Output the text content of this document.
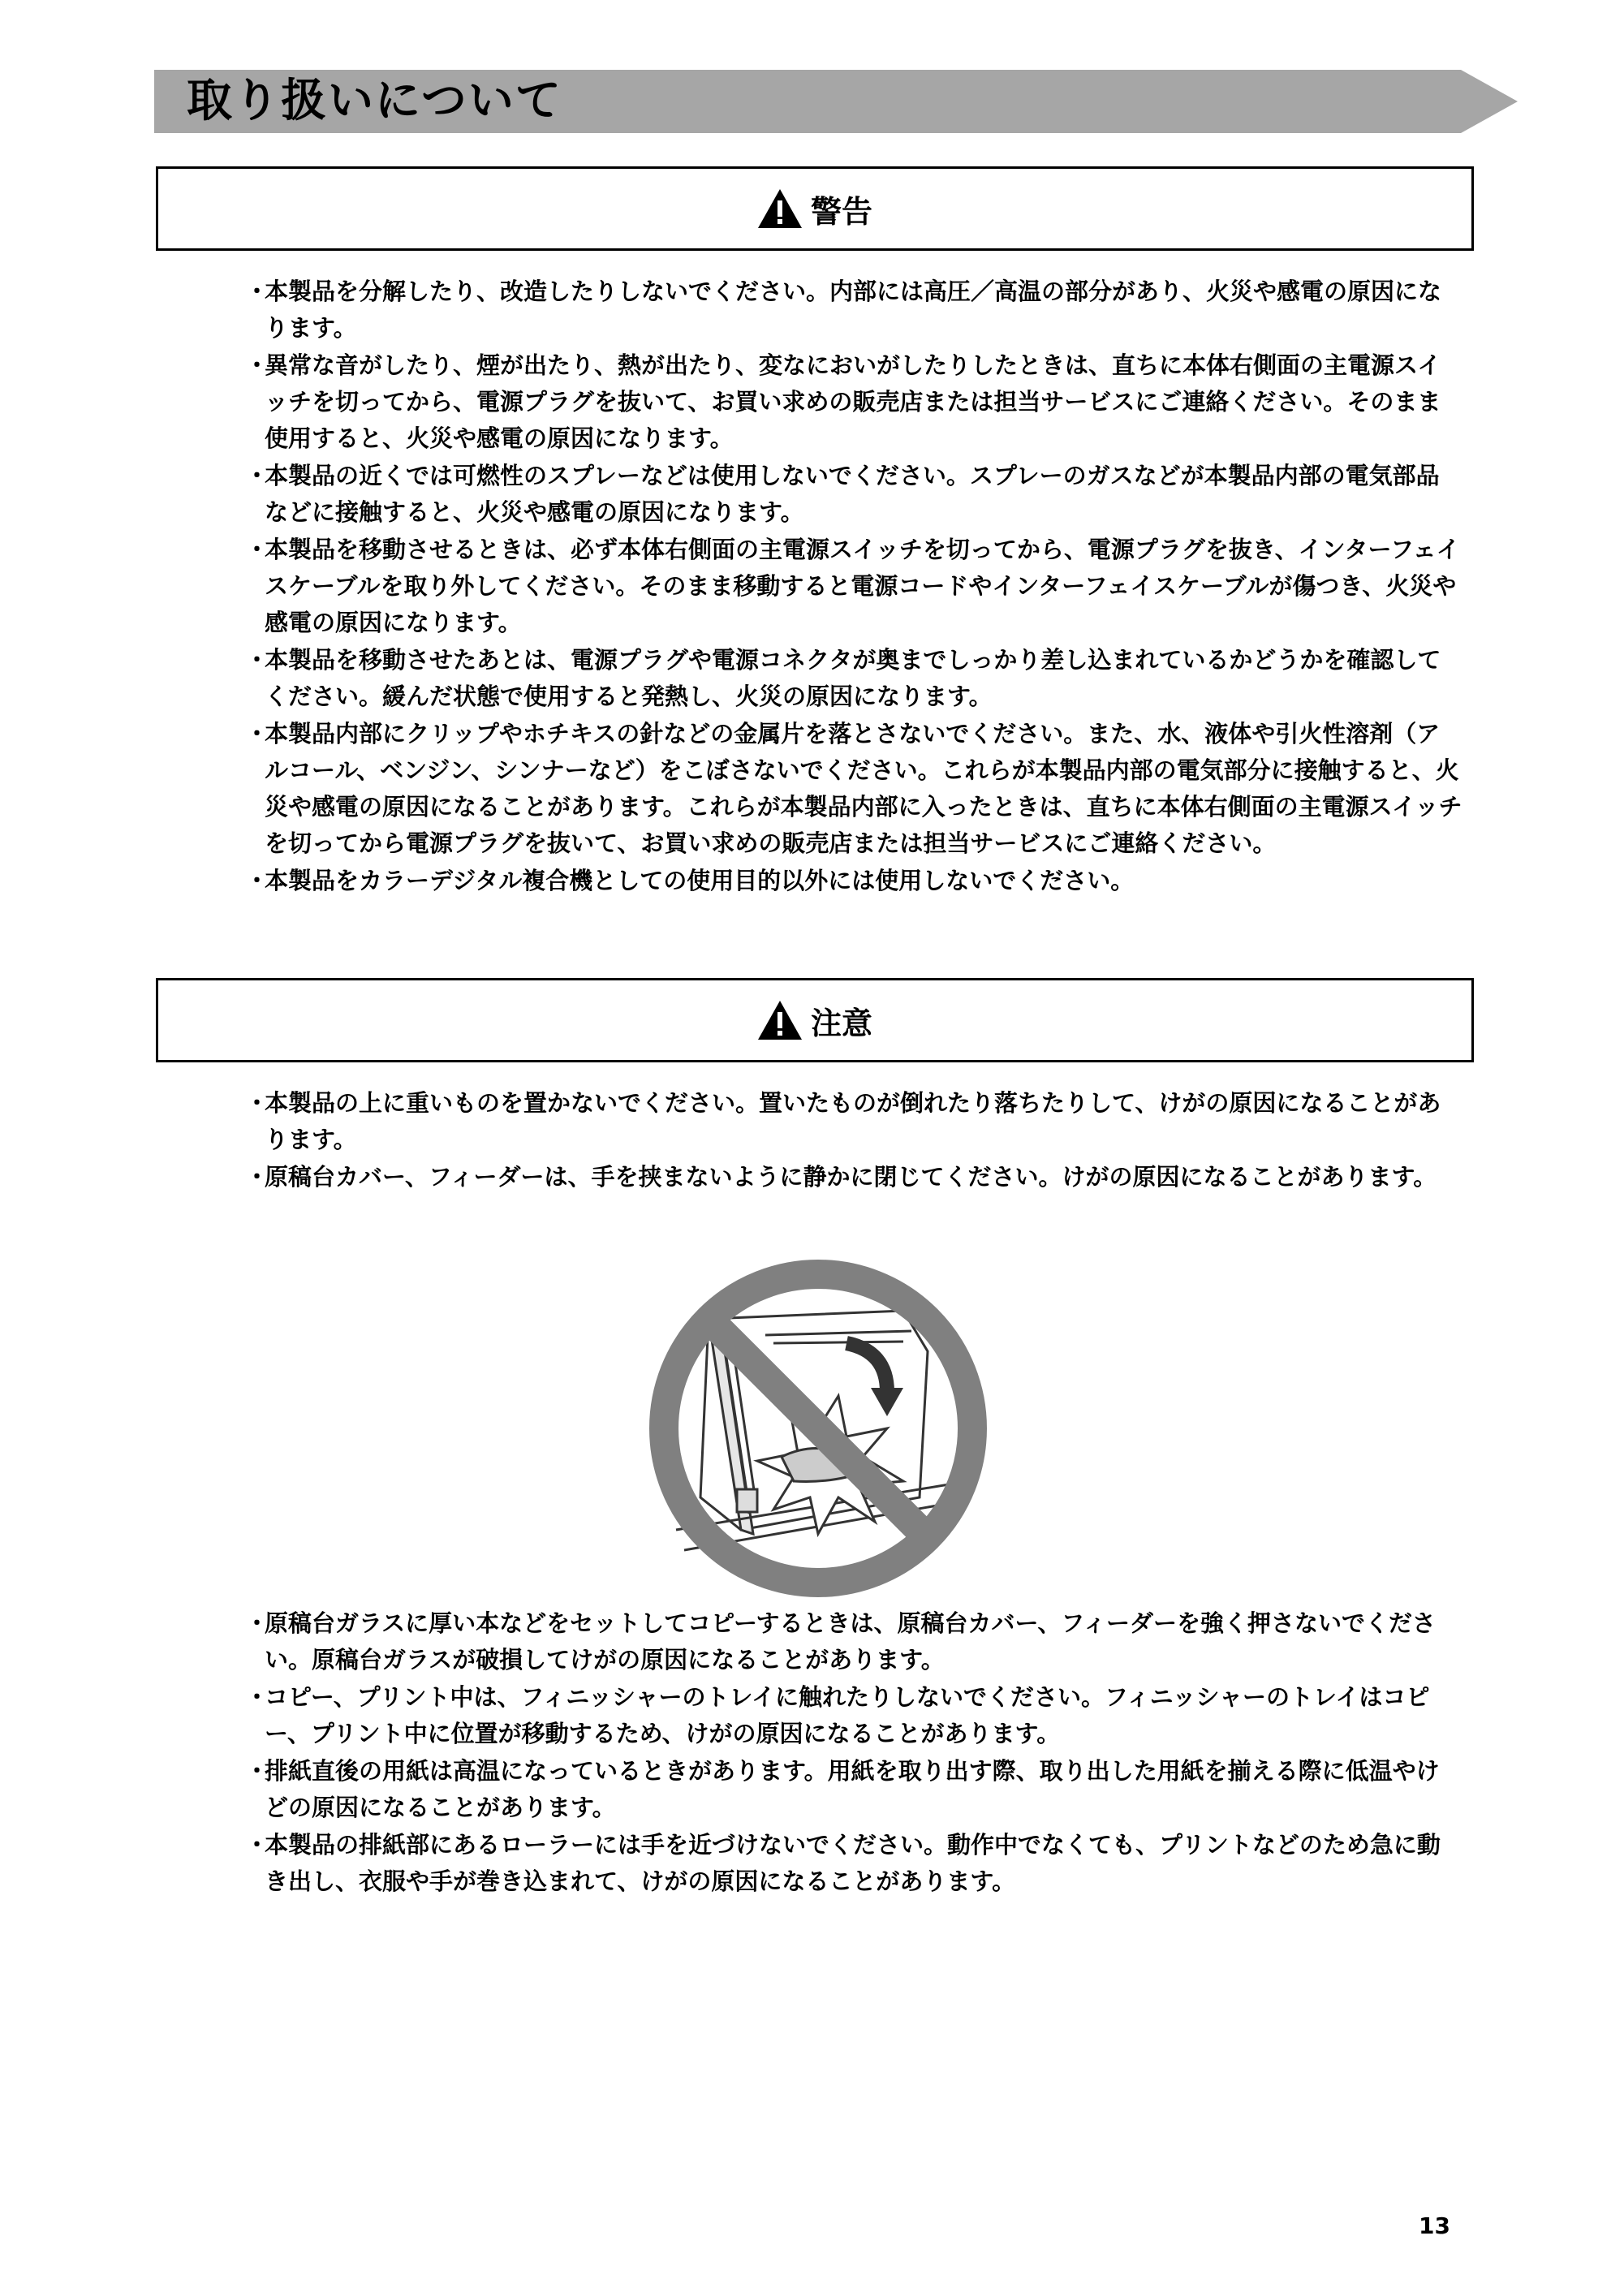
取り扱いについて
警告
・
本製品を分解したり、改造したりしないでください。内部には高圧／高温の部分があり、火災や感電の原因になります。
・
異常な音がしたり、煙が出たり、熱が出たり、変なにおいがしたりしたときは、直ちに本体右側面の主電源スイッチを切ってから、電源プラグを抜いて、お買い求めの販売店または担当サービスにご連絡ください。そのまま使用すると、火災や感電の原因になります。
・
本製品の近くでは可燃性のスプレーなどは使用しないでください。スプレーのガスなどが本製品内部の電気部品などに接触すると、火災や感電の原因になります。
・
本製品を移動させるときは、必ず本体右側面の主電源スイッチを切ってから、電源プラグを抜き、インターフェイスケーブルを取り外してください。そのまま移動すると電源コードやインターフェイスケーブルが傷つき、火災や感電の原因になります。
・
本製品を移動させたあとは、電源プラグや電源コネクタが奥までしっかり差し込まれているかどうかを確認してください。緩んだ状態で使用すると発熱し、火災の原因になります。
・
本製品内部にクリップやホチキスの針などの金属片を落とさないでください。また、水、液体や引火性溶剤（アルコール、ベンジン、シンナーなど）をこぼさないでください。これらが本製品内部の電気部分に接触すると、火災や感電の原因になることがあります。これらが本製品内部に入ったときは、直ちに本体右側面の主電源スイッチを切ってから電源プラグを抜いて、お買い求めの販売店または担当サービスにご連絡ください。
・
本製品をカラーデジタル複合機としての使用目的以外には使用しないでください。
注意
・
本製品の上に重いものを置かないでください。置いたものが倒れたり落ちたりして、けがの原因になることがあります。
・
原稿台カバー、フィーダーは、手を挟まないように静かに閉じてください。けがの原因になることがあります。
・
原稿台ガラスに厚い本などをセットしてコピーするときは、原稿台カバー、フィーダーを強く押さないでください。原稿台ガラスが破損してけがの原因になることがあります。
・
コピー、プリント中は、フィニッシャーのトレイに触れたりしないでください。フィニッシャーのトレイはコピー、プリント中に位置が移動するため、けがの原因になることがあります。
・
排紙直後の用紙は高温になっているときがあります。用紙を取り出す際、取り出した用紙を揃える際に低温やけどの原因になることがあります。
・
本製品の排紙部にあるローラーには手を近づけないでください。動作中でなくても、プリントなどのため急に動き出し、衣服や手が巻き込まれて、けがの原因になることがあります。
13
